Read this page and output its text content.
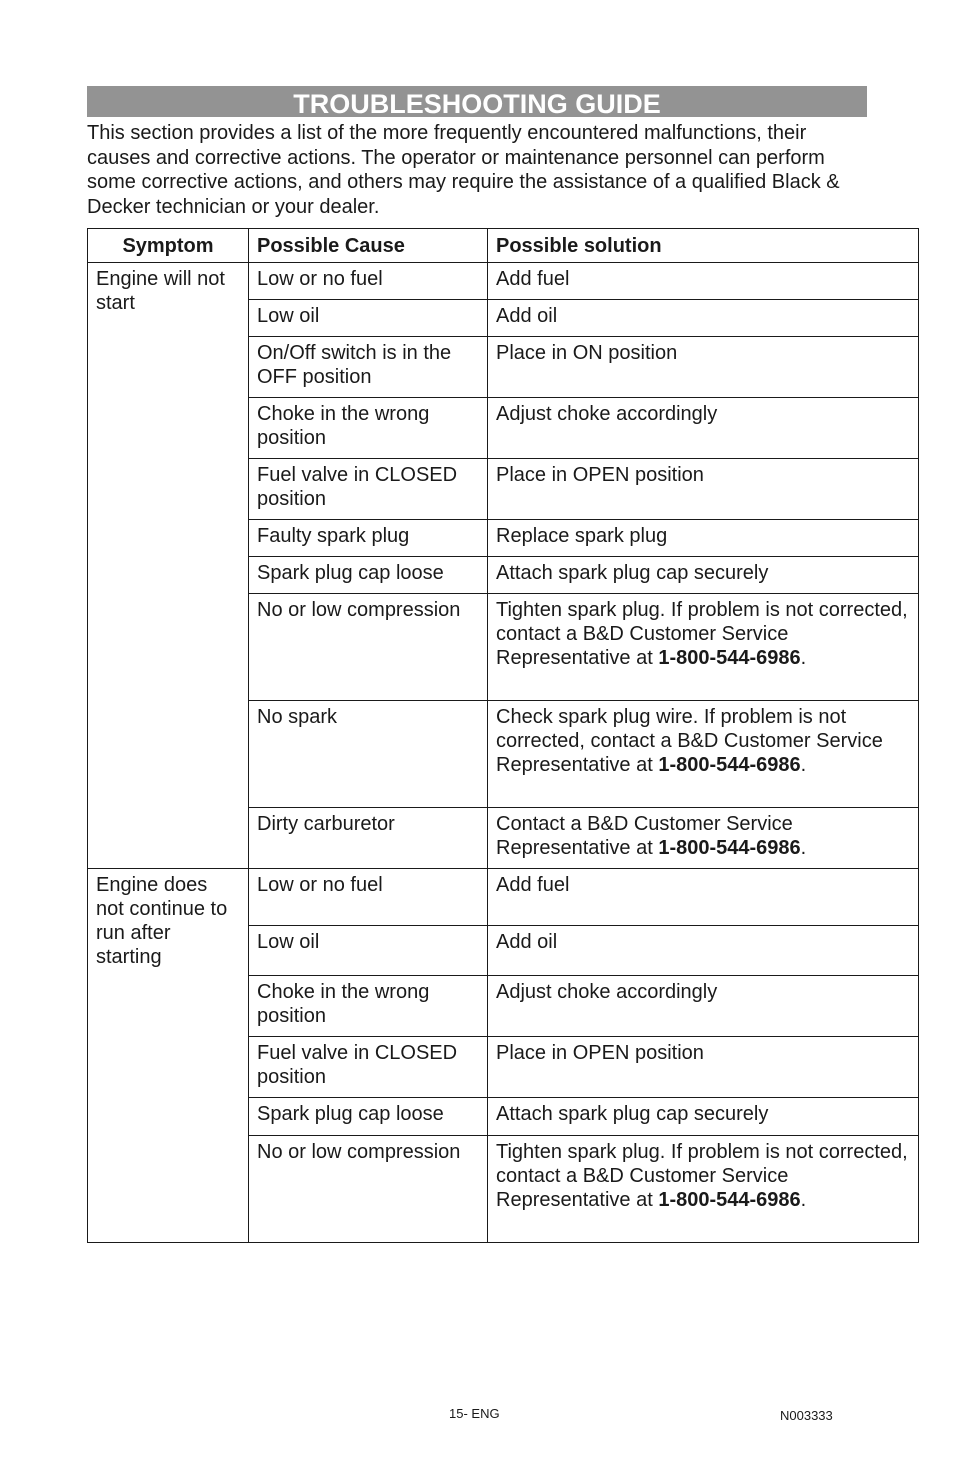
TROUBLESHOOTING GUIDE

This section provides a list of the more frequently encountered malfunctions, their causes and corrective actions. The operator or maintenance personnel can perform some corrective actions, and others may require the assistance of a qualified Black & Decker technician or your dealer.

Symptom	Possible Cause	Possible solution
Engine will not start	Low or no fuel	Add fuel
	Low oil	Add oil
	On/Off switch is in the OFF position	Place in ON position
	Choke in the wrong position	Adjust choke accordingly
	Fuel valve in CLOSED position	Place in OPEN position
	Faulty spark plug	Replace spark plug
	Spark plug cap loose	Attach spark plug cap securely
	No or low compression	Tighten spark plug. If problem is not corrected, contact a B&D Customer Service Representative at 1-800-544-6986.
	No spark	Check spark plug wire. If problem is not corrected, contact a B&D Customer Service Representative at 1-800-544-6986.
	Dirty carburetor	Contact a B&D Customer Service Representative at 1-800-544-6986.
Engine does not continue to run after starting	Low or no fuel	Add fuel
	Low oil	Add oil
	Choke in the wrong position	Adjust choke accordingly
	Fuel valve in CLOSED position	Place in OPEN position
	Spark plug cap loose	Attach spark plug cap securely
	No or low compression	Tighten spark plug. If problem is not corrected, contact a B&D Customer Service Representative at 1-800-544-6986.
15- ENG	N003333
